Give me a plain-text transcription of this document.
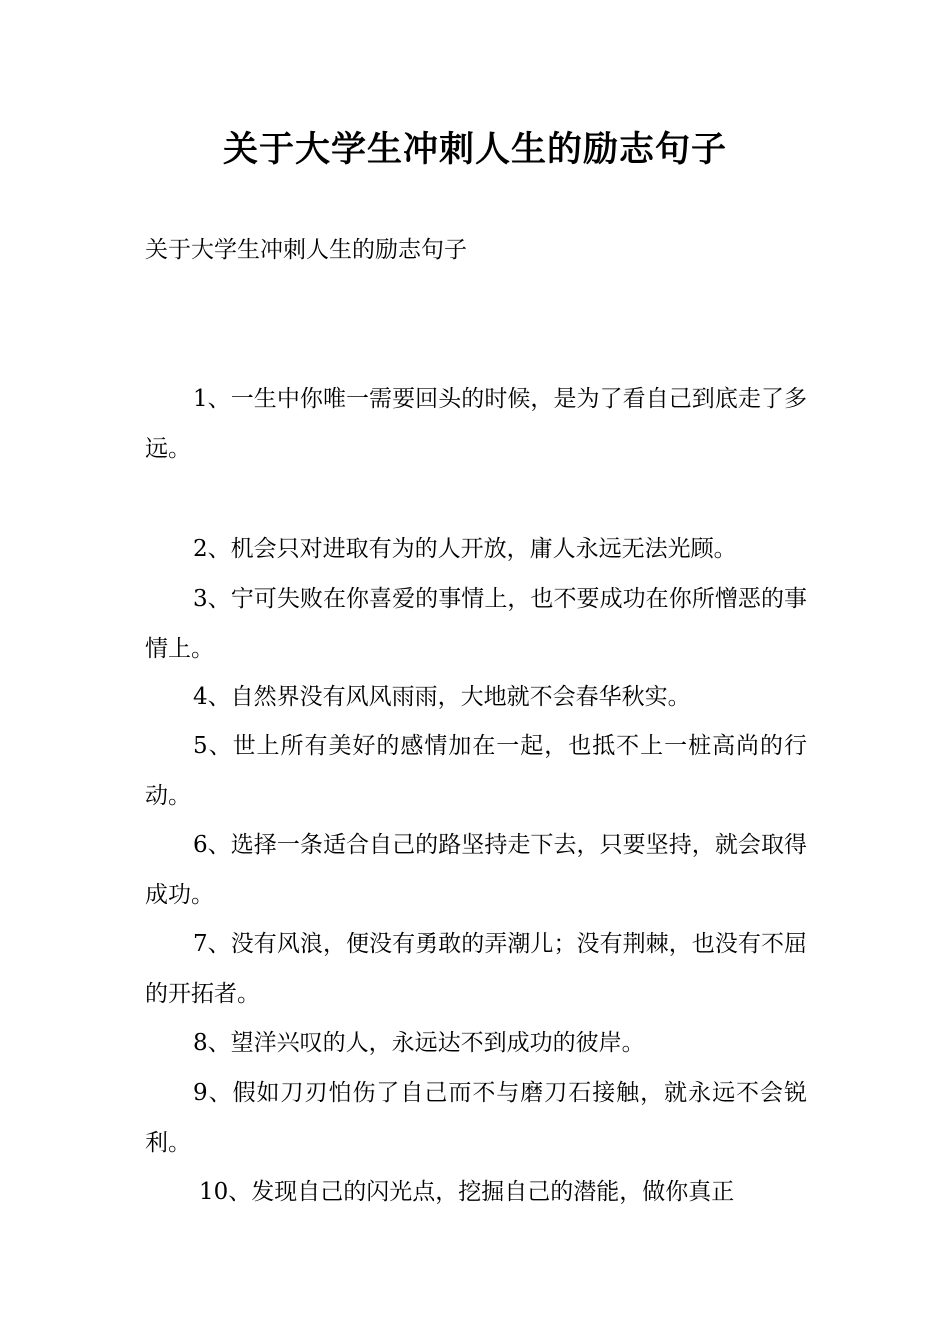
关于大学生冲刺人生的励志句子

关于大学生冲刺人生的励志句子

1、一生中你唯一需要回头的时候，是为了看自己到底走了多远。

2、机会只对进取有为的人开放，庸人永远无法光顾。

3、宁可失败在你喜爱的事情上，也不要成功在你所憎恶的事情上。

4、自然界没有风风雨雨，大地就不会春华秋实。

5、世上所有美好的感情加在一起，也抵不上一桩高尚的行动。

6、选择一条适合自己的路坚持走下去，只要坚持，就会取得成功。

7、没有风浪，便没有勇敢的弄潮儿；没有荆棘，也没有不屈的开拓者。

8、望洋兴叹的人，永远达不到成功的彼岸。

9、假如刀刃怕伤了自己而不与磨刀石接触，就永远不会锐利。

10、发现自己的闪光点，挖掘自己的潜能，做你真正
